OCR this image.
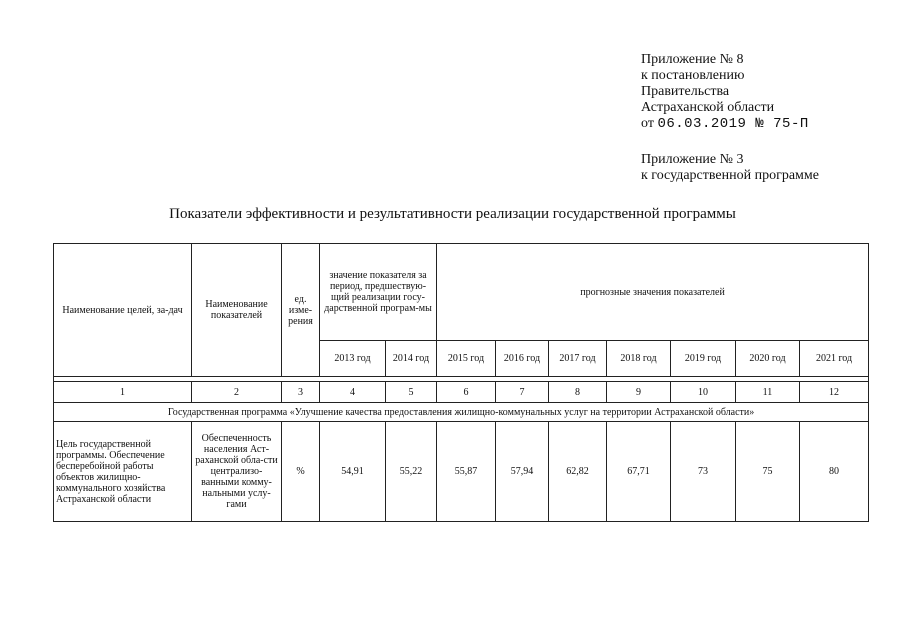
Приложение № 8
к постановлению
Правительства
Астраханской области
от 06.03.2019 № 75-П
Приложение № 3
к государственной программе
Показатели эффективности и результативности реализации государственной программы
Наименование целей, за-дач	Наименование показателей	ед. изме-рения	значение показателя за период, предшествую-щий реализации госу-дарственной програм-мы		прогнозные значения показателей						
			2013 год	2014 год	2015 год	2016 год	2017 год	2018 год	2019 год	2020 год	2021 год

1	2	3	4	5	6	7	8	9	10	11	12
Государственная программа «Улучшение качества предоставления жилищно-коммунальных услуг на территории Астраханской области»											
Цель государственной программы. Обеспечение бесперебойной работы объектов жилищно-коммунального хозяйства Астраханской области	Обеспеченность населения Аст-раханской обла-сти централизо-ванными комму-нальными услу-гами	%	54,91	55,22	55,87	57,94	62,82	67,71	73	75	80
